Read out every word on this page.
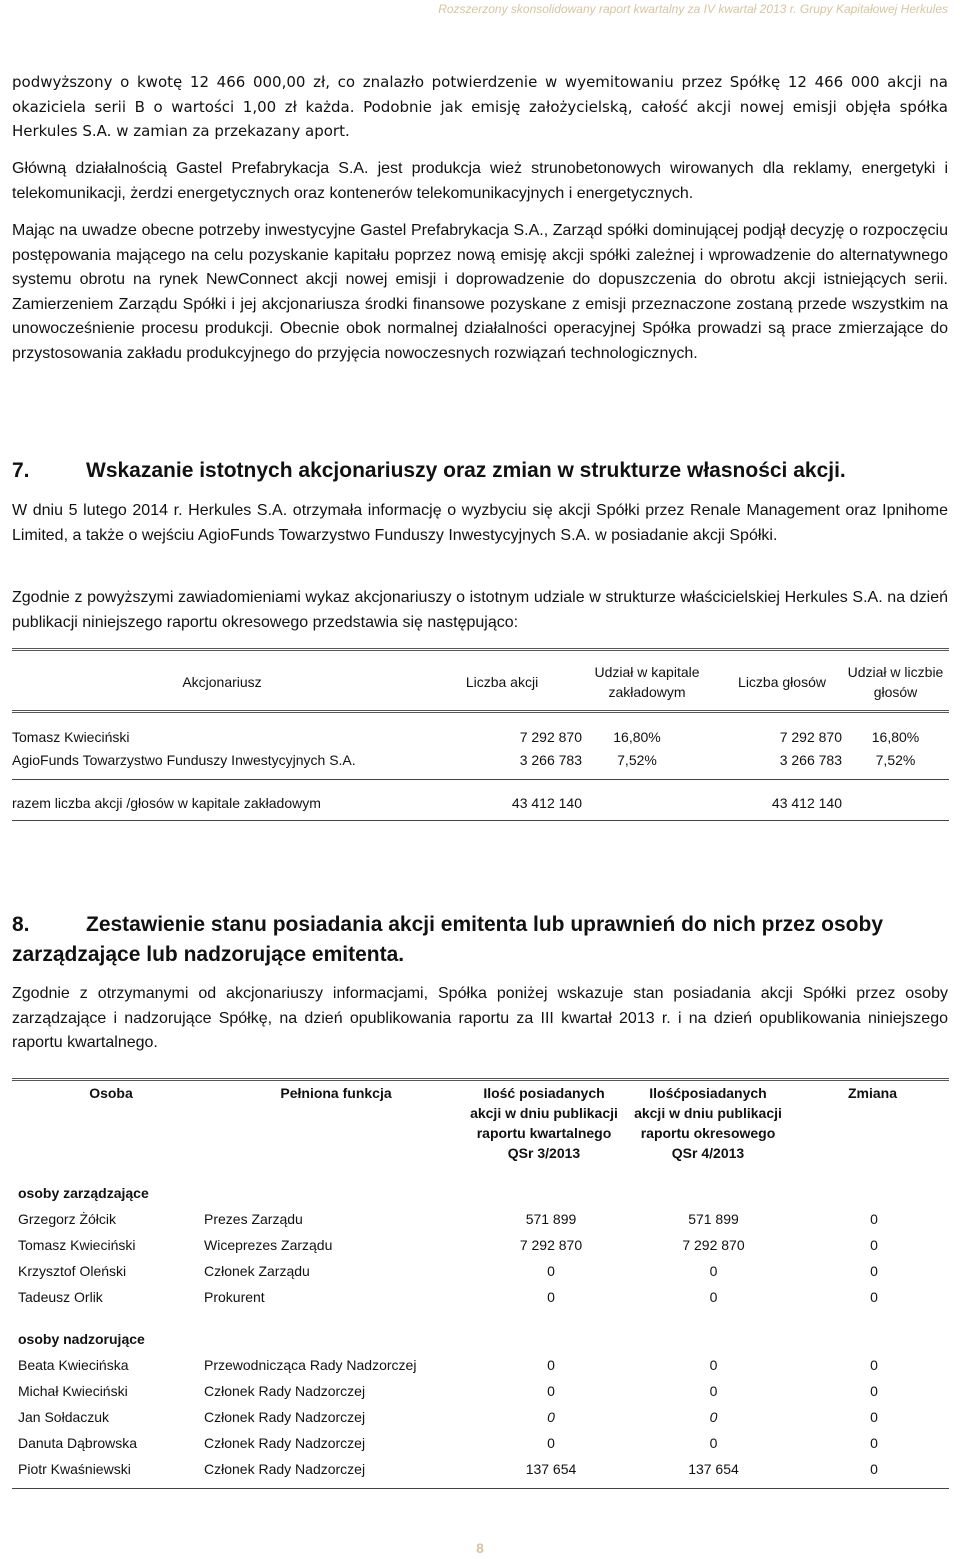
Rozszerzony skonsolidowany raport kwartalny za IV kwartał 2013 r. Grupy Kapitałowej Herkules

podwyższony o kwotę 12 466 000,00 zł, co znalazło potwierdzenie w wyemitowaniu przez Spółkę 12 466 000 akcji na okaziciela serii B o wartości 1,00 zł każda. Podobnie jak emisję założycielską, całość akcji nowej emisji objęła spółka Herkules S.A. w zamian za przekazany aport.

Główną działalnością Gastel Prefabrykacja S.A. jest produkcja wież strunobetonowych wirowanych dla reklamy, energetyki i telekomunikacji, żerdzi energetycznych oraz kontenerów telekomunikacyjnych i energetycznych.

Mając na uwadze obecne potrzeby inwestycyjne Gastel Prefabrykacja S.A., Zarząd spółki dominującej podjął decyzję o rozpoczęciu postępowania mającego na celu pozyskanie kapitału poprzez nową emisję akcji spółki zależnej i wprowadzenie do alternatywnego systemu obrotu na rynek NewConnect akcji nowej emisji i doprowadzenie do dopuszczenia do obrotu akcji istniejących serii. Zamierzeniem Zarządu Spółki i jej akcjonariusza środki finansowe pozyskane z emisji przeznaczone zostaną przede wszystkim na unowocześnienie procesu produkcji. Obecnie obok normalnej działalności operacyjnej Spółka prowadzi są prace zmierzające do przystosowania zakładu produkcyjnego do przyjęcia nowoczesnych rozwiązań technologicznych.

7.	Wskazanie istotnych akcjonariuszy oraz zmian w strukturze własności akcji.

W dniu 5 lutego 2014 r. Herkules S.A. otrzymała informację o wyzbyciu się akcji Spółki przez Renale Management oraz Ipnihome Limited, a także o wejściu AgioFunds Towarzystwo Funduszy Inwestycyjnych S.A. w posiadanie akcji Spółki.

Zgodnie z powyższymi zawiadomieniami wykaz akcjonariuszy o istotnym udziale w strukturze właścicielskiej Herkules S.A. na dzień publikacji niniejszego raportu okresowego przedstawia się następująco:

Akcjonariusz	Liczba akcji	Udział w kapitale zakładowym	Liczba głosów	Udział w liczbie głosów
Tomasz Kwieciński	7 292 870	16,80%	7 292 870	16,80%
AgioFunds Towarzystwo Funduszy Inwestycyjnych S.A.	3 266 783	7,52%	3 266 783	7,52%
razem liczba akcji /głosów w kapitale zakładowym	43 412 140		43 412 140	
8.	Zestawienie stanu posiadania akcji emitenta lub uprawnień do nich przez osoby zarządzające lub nadzorujące emitenta.

Zgodnie z otrzymanymi od akcjonariuszy informacjami, Spółka poniżej wskazuje stan posiadania akcji Spółki przez osoby zarządzające i nadzorujące Spółkę, na dzień opublikowania raportu za III kwartał 2013 r. i na dzień opublikowania niniejszego raportu kwartalnego.

Osoba	Pełniona funkcja	Ilość posiadanych akcji w dniu publikacji raportu kwartalnego QSr 3/2013	Ilośćposiadanych akcji w dniu publikacji raportu okresowego QSr 4/2013	Zmiana
osoby zarządzające				
Grzegorz Żółcik	Prezes Zarządu	571 899	571 899	0
Tomasz Kwieciński	Wiceprezes Zarządu	7 292 870	7 292 870	0
Krzysztof Oleński	Członek Zarządu	0	0	0
Tadeusz Orlik	Prokurent	0	0	0

osoby nadzorujące				
Beata Kwiecińska	Przewodnicząca Rady Nadzorczej	0	0	0
Michał Kwieciński	Członek Rady Nadzorczej	0	0	0
Jan Sołdaczuk	Członek Rady Nadzorczej	0	0	0
Danuta Dąbrowska	Członek Rady Nadzorczej	0	0	0
Piotr Kwaśniewski	Członek Rady Nadzorczej	137 654	137 654	0
8
